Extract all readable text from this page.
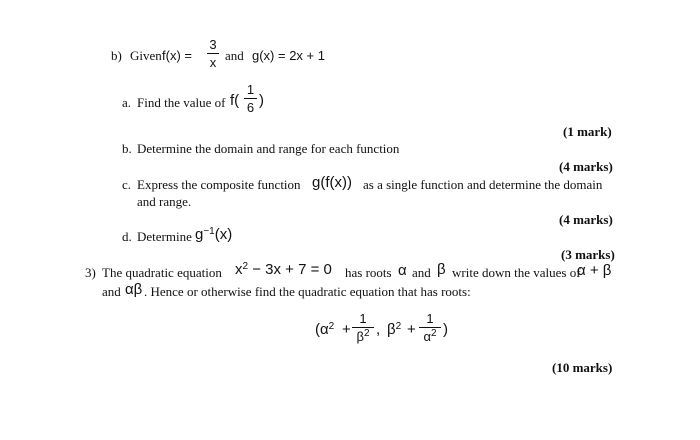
b) Given f(x) =
3
x and g(x) = 2x + 1
a. Find the value of f(
1
6 )
(1 mark)
b. Determine the domain and range for each function
(4 marks)
c. Express the composite function g(f(x)) as a single function and determine the domain
and range.
(4 marks)
d. Determine $g^{-1}(x)$
(3 marks)
3) The quadratic equation $x^2 - 3x + 7 = 0$ has roots α and β write down the values of
α + β
and αβ . Hence or otherwise find the quadratic equation that has roots:
($\alpha^2$ +
1
$\beta^2$ , $\beta^2$ +
1
$\alpha^2$ )
(10 marks)
